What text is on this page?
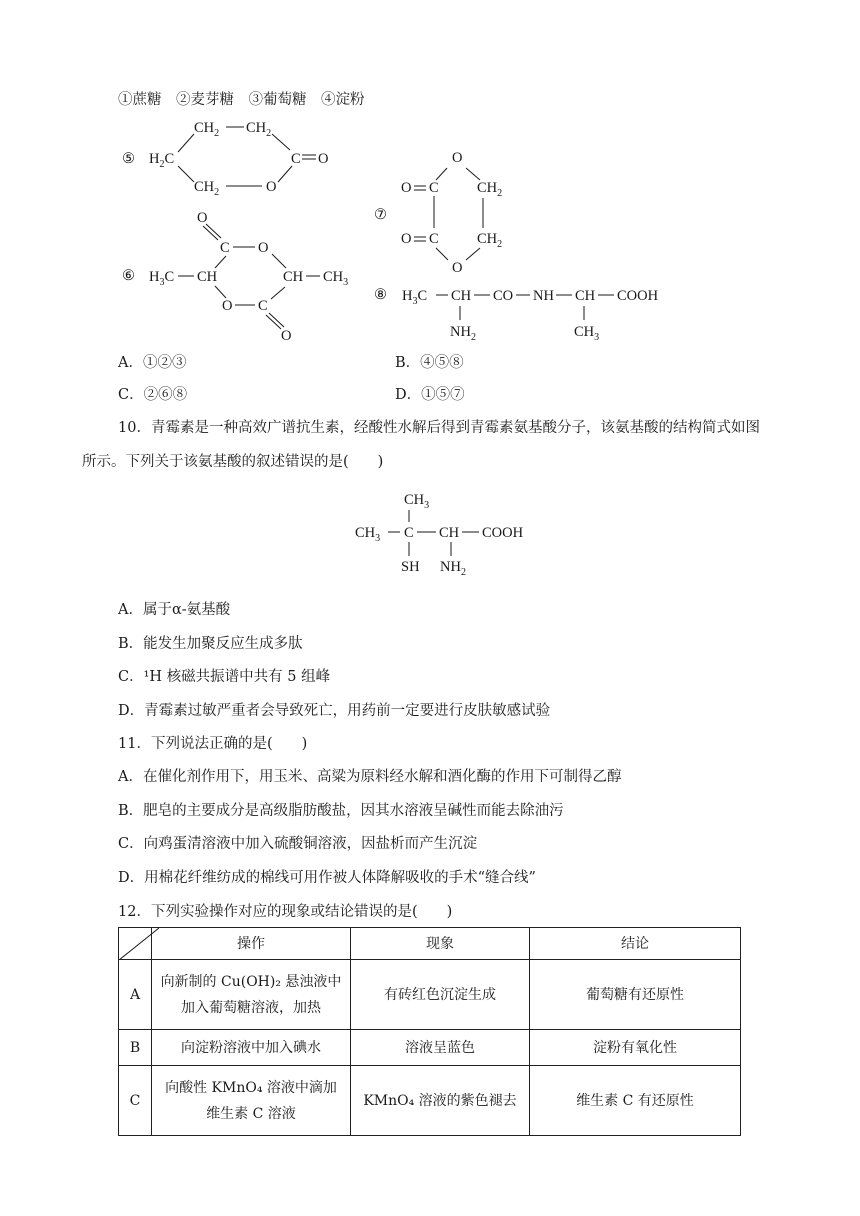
①蔗糖　②麦芽糖　③葡萄糖　④淀粉
⑤
$CH_2$ $CH_2$
$H_2C$	C O
$CH_2$	O
⑥
O
C O
$H_3C$ CH	CH $CH_3$
O C
O
⑦
O
O C	$CH_2$
O C	$CH_2$
O
⑧ $H_3C$ CH CO NH CH COOH
$NH_2$	$CH_3$
A．①②③	B．④⑤⑧
C．②⑥⑧	D．①⑤⑦
10．青霉素是一种高效广谱抗生素，经酸性水解后得到青霉素氨基酸分子，该氨基酸的结构简式如图
所示。下列关于该氨基酸的叙述错误的是(　　)
$CH_3$
$CH_3$ C CH COOH
SH $NH_2$
A．属于α-氨基酸
B．能发生加聚反应生成多肽
C．¹H 核磁共振谱中共有 5 组峰
D．青霉素过敏严重者会导致死亡，用药前一定要进行皮肤敏感试验
11．下列说法正确的是(　　)
A．在催化剂作用下，用玉米、高粱为原料经水解和酒化酶的作用下可制得乙醇
B．肥皂的主要成分是高级脂肪酸盐，因其水溶液呈碱性而能去除油污
C．向鸡蛋清溶液中加入硫酸铜溶液，因盐析而产生沉淀
D．用棉花纤维纺成的棉线可用作被人体降解吸收的手术“缝合线”
12．下列实验操作对应的现象或结论错误的是(　　)
	操作	现象	结论
A	向新制的 Cu(OH)₂ 悬浊液中
加入葡萄糖溶液，加热	有砖红色沉淀生成	葡萄糖有还原性
B	向淀粉溶液中加入碘水	溶液呈蓝色	淀粉有氧化性
C	向酸性 KMnO₄ 溶液中滴加
维生素 C 溶液	KMnO₄ 溶液的紫色褪去	维生素 C 有还原性
